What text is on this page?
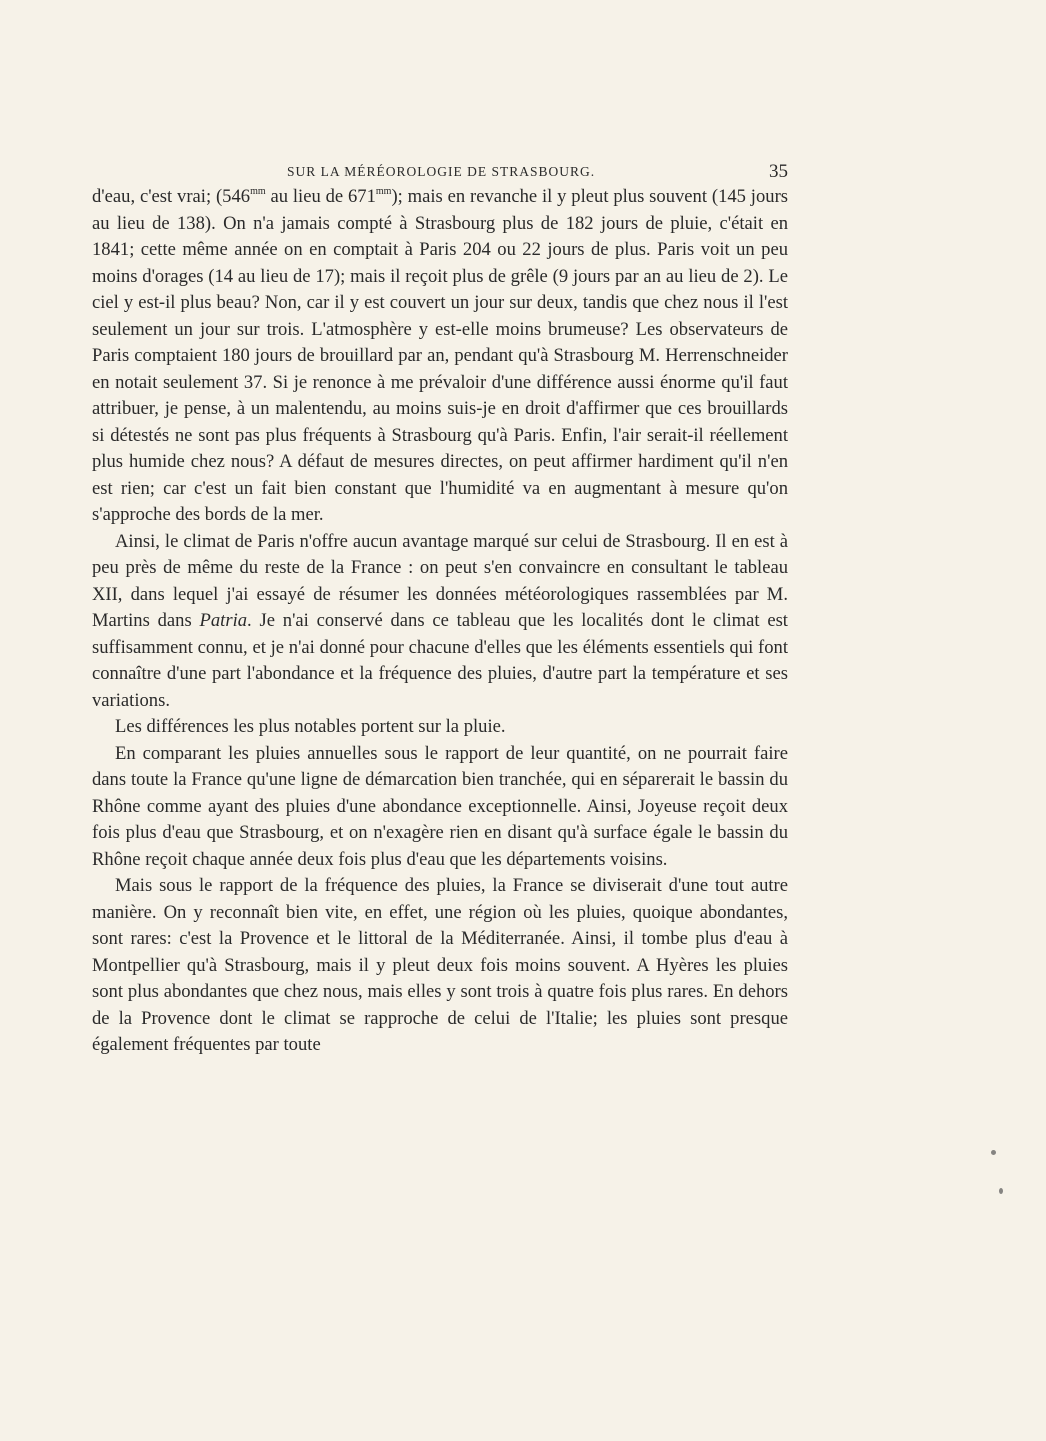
SUR LA MÉRÉOROLOGIE DE STRASBOURG.	35

d'eau, c'est vrai; ($546^{mm}$ au lieu de $671^{mm}$); mais en revanche il y pleut plus souvent (145 jours au lieu de 138). On n'a jamais compté à Strasbourg plus de 182 jours de pluie, c'était en 1841; cette même année on en comptait à Paris 204 ou 22 jours de plus. Paris voit un peu moins d'orages (14 au lieu de 17); mais il reçoit plus de grêle (9 jours par an au lieu de 2). Le ciel y est-il plus beau? Non, car il y est couvert un jour sur deux, tandis que chez nous il l'est seulement un jour sur trois. L'atmosphère y est-elle moins brumeuse? Les observateurs de Paris comptaient 180 jours de brouillard par an, pendant qu'à Strasbourg M. Herrenschneider en notait seulement 37. Si je renonce à me prévaloir d'une différence aussi énorme qu'il faut attribuer, je pense, à un malentendu, au moins suis-je en droit d'affirmer que ces brouillards si détestés ne sont pas plus fréquents à Strasbourg qu'à Paris. Enfin, l'air serait-il réellement plus humide chez nous? A défaut de mesures directes, on peut affirmer hardiment qu'il n'en est rien; car c'est un fait bien constant que l'humidité va en augmentant à mesure qu'on s'approche des bords de la mer.

Ainsi, le climat de Paris n'offre aucun avantage marqué sur celui de Strasbourg. Il en est à peu près de même du reste de la France : on peut s'en convaincre en consultant le tableau XII, dans lequel j'ai essayé de résumer les données météorologiques rassemblées par M. Martins dans Patria. Je n'ai conservé dans ce tableau que les localités dont le climat est suffisamment connu, et je n'ai donné pour chacune d'elles que les éléments essentiels qui font connaître d'une part l'abondance et la fréquence des pluies, d'autre part la température et ses variations.

Les différences les plus notables portent sur la pluie.

En comparant les pluies annuelles sous le rapport de leur quantité, on ne pourrait faire dans toute la France qu'une ligne de démarcation bien tranchée, qui en séparerait le bassin du Rhône comme ayant des pluies d'une abondance exceptionnelle. Ainsi, Joyeuse reçoit deux fois plus d'eau que Strasbourg, et on n'exagère rien en disant qu'à surface égale le bassin du Rhône reçoit chaque année deux fois plus d'eau que les départements voisins.

Mais sous le rapport de la fréquence des pluies, la France se diviserait d'une tout autre manière. On y reconnaît bien vite, en effet, une région où les pluies, quoique abondantes, sont rares: c'est la Provence et le littoral de la Méditerranée. Ainsi, il tombe plus d'eau à Montpellier qu'à Strasbourg, mais il y pleut deux fois moins souvent. A Hyères les pluies sont plus abondantes que chez nous, mais elles y sont trois à quatre fois plus rares. En dehors de la Provence dont le climat se rapproche de celui de l'Italie; les pluies sont presque également fréquentes par toute
